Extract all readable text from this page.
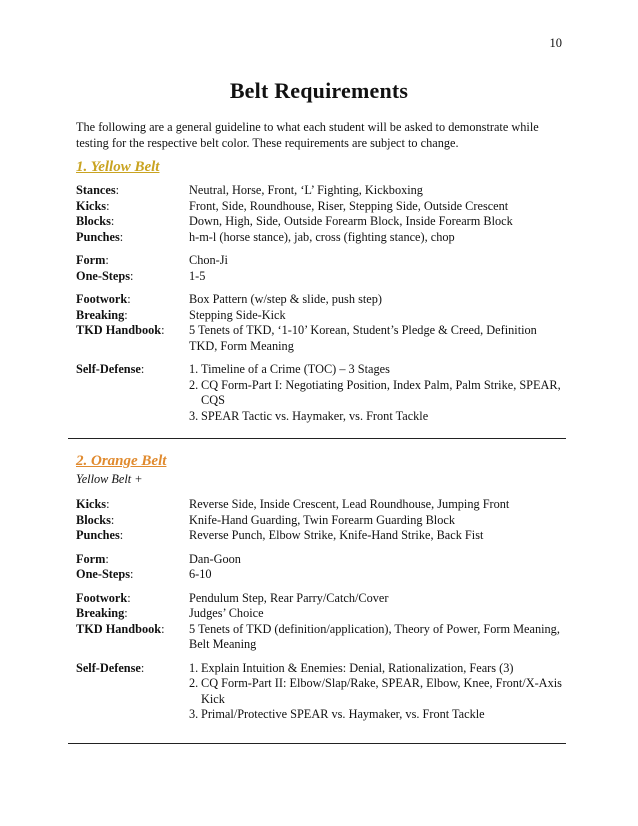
10
Belt Requirements

The following are a general guideline to what each student will be asked to demonstrate while testing for the respective belt color. These requirements are subject to change.

1. Yellow Belt
Stances:	Neutral, Horse, Front, ‘L’ Fighting, Kickboxing
Kicks:	Front, Side, Roundhouse, Riser, Stepping Side, Outside Crescent
Blocks:	Down, High, Side, Outside Forearm Block, Inside Forearm Block
Punches:	h-m-l (horse stance), jab, cross (fighting stance), chop
Form:	Chon-Ji
One-Steps:	1-5
Footwork:	Box Pattern (w/step & slide, push step)
Breaking:	Stepping Side-Kick
TKD Handbook:	5 Tenets of TKD, ‘1-10’ Korean, Student’s Pledge & Creed, Definition TKD, Form Meaning
Self-Defense:	1. Timeline of a Crime (TOC) – 3 Stages
2. CQ Form-Part I: Negotiating Position, Index Palm, Palm Strike, SPEAR, CQS
3. SPEAR Tactic vs. Haymaker, vs. Front Tackle
2. Orange Belt
Yellow Belt +
Kicks:	Reverse Side, Inside Crescent, Lead Roundhouse, Jumping Front
Blocks:	Knife-Hand Guarding, Twin Forearm Guarding Block
Punches:	Reverse Punch, Elbow Strike, Knife-Hand Strike, Back Fist
Form:	Dan-Goon
One-Steps:	6-10
Footwork:	Pendulum Step, Rear Parry/Catch/Cover
Breaking:	Judges’ Choice
TKD Handbook:	5 Tenets of TKD (definition/application), Theory of Power, Form Meaning, Belt Meaning
Self-Defense:	1. Explain Intuition & Enemies: Denial, Rationalization, Fears (3)
2. CQ Form-Part II: Elbow/Slap/Rake, SPEAR, Elbow, Knee, Front/X-Axis Kick
3. Primal/Protective SPEAR vs. Haymaker, vs. Front Tackle
